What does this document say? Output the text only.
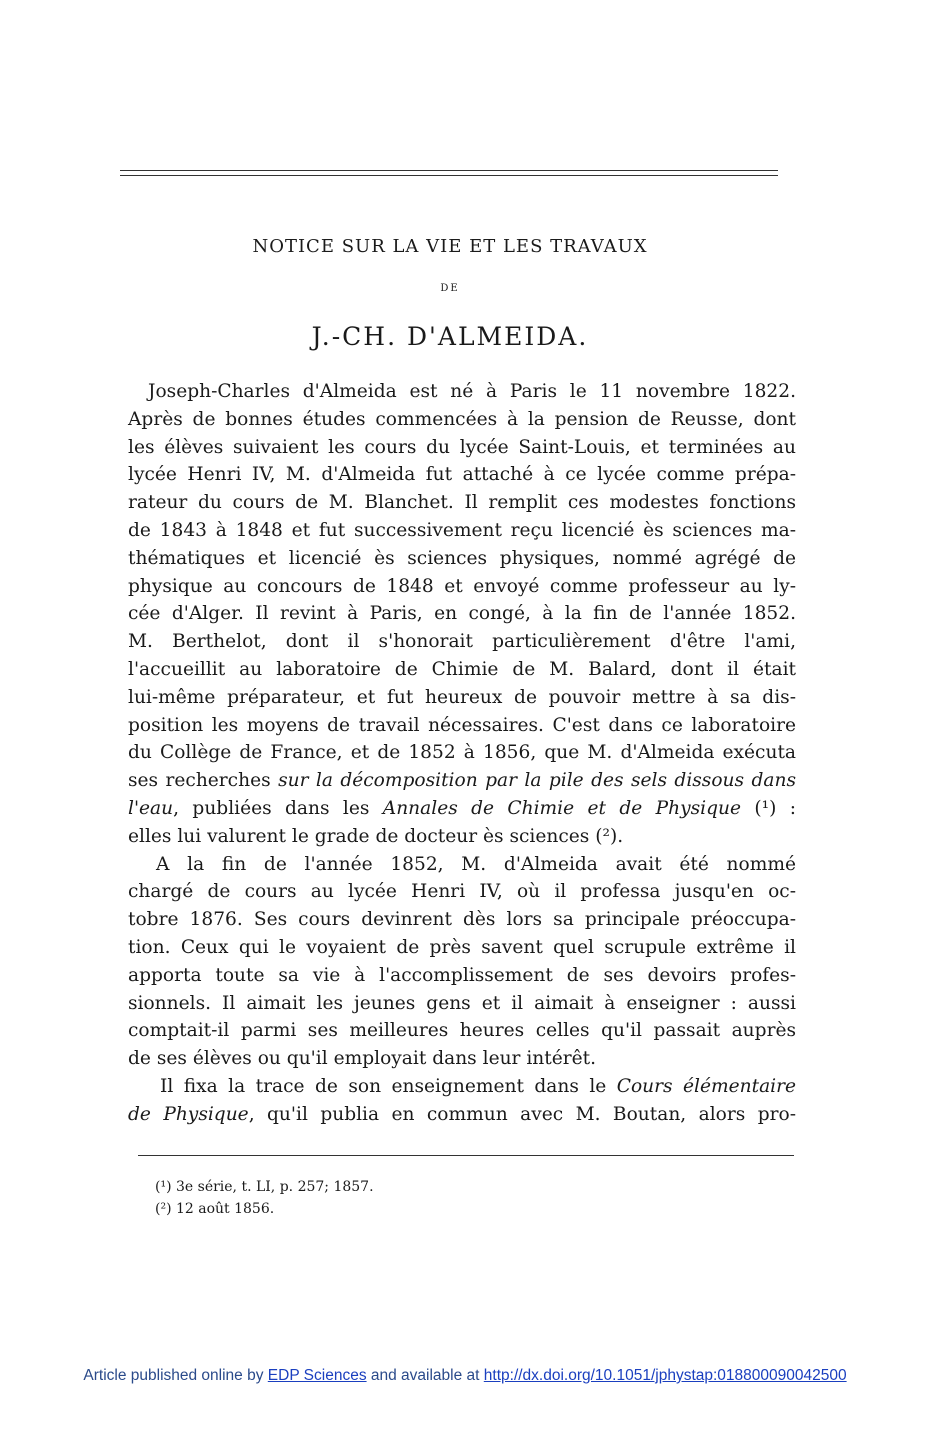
NOTICE SUR LA VIE ET LES TRAVAUX
DE
J.-CH. D'ALMEIDA.
Joseph-Charles d'Almeida est né à Paris le 11 novembre 1822.
Après de bonnes études commencées à la pension de Reusse, dont
les élèves suivaient les cours du lycée Saint-Louis, et terminées au
lycée Henri IV, M. d'Almeida fut attaché à ce lycée comme prépa-
rateur du cours de M. Blanchet. Il remplit ces modestes fonctions
de 1843 à 1848 et fut successivement reçu licencié ès sciences ma-
thématiques et licencié ès sciences physiques, nommé agrégé de
physique au concours de 1848 et envoyé comme professeur au ly-
cée d'Alger. Il revint à Paris, en congé, à la fin de l'année 1852.
M. Berthelot, dont il s'honorait particulièrement d'être l'ami,
l'accueillit au laboratoire de Chimie de M. Balard, dont il était
lui-même préparateur, et fut heureux de pouvoir mettre à sa dis-
position les moyens de travail nécessaires. C'est dans ce laboratoire
du Collège de France, et de 1852 à 1856, que M. d'Almeida exécuta
ses recherches sur la décomposition par la pile des sels dissous dans
l'eau, publiées dans les Annales de Chimie et de Physique (¹) :
elles lui valurent le grade de docteur ès sciences (²).
A la fin de l'année 1852, M. d'Almeida avait été nommé
chargé de cours au lycée Henri IV, où il professa jusqu'en oc-
tobre 1876. Ses cours devinrent dès lors sa principale préoccupa-
tion. Ceux qui le voyaient de près savent quel scrupule extrême il
apporta toute sa vie à l'accomplissement de ses devoirs profes-
sionnels. Il aimait les jeunes gens et il aimait à enseigner : aussi
comptait-il parmi ses meilleures heures celles qu'il passait auprès
de ses élèves ou qu'il employait dans leur intérêt.
Il fixa la trace de son enseignement dans le Cours élémentaire
de Physique, qu'il publia en commun avec M. Boutan, alors pro-
(¹) 3e série, t. LI, p. 257; 1857.
(²) 12 août 1856.
Article published online by EDP Sciences and available at http://dx.doi.org/10.1051/jphystap:018800090042500
